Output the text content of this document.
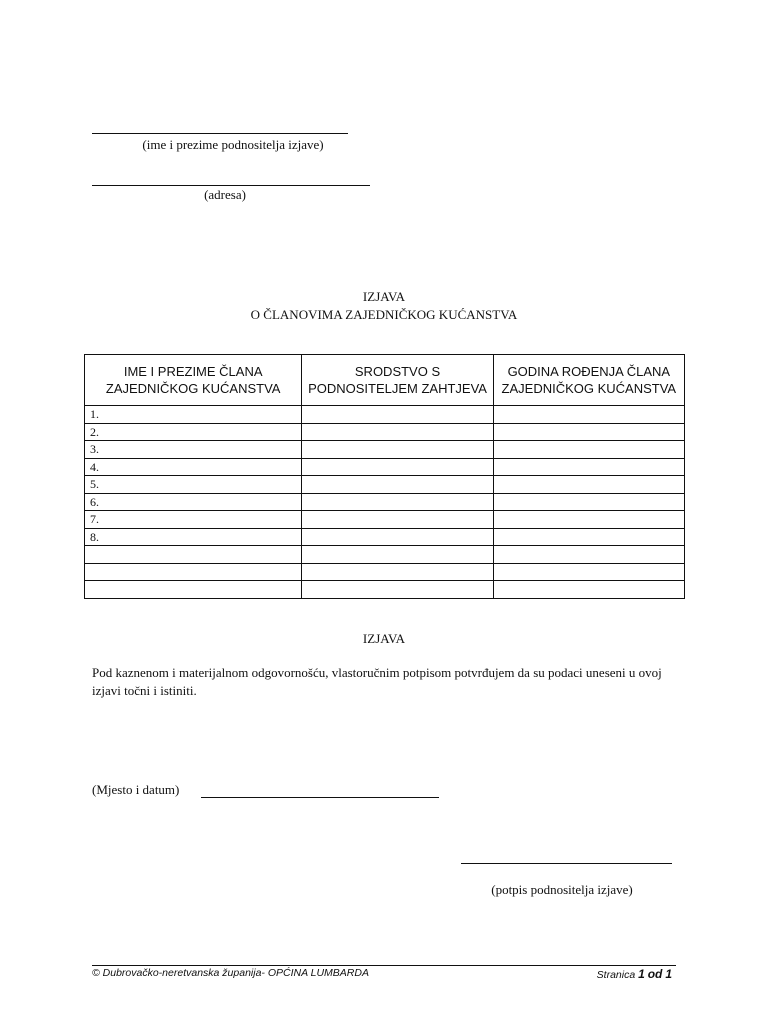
(ime i prezime podnositelja izjave)
(adresa)
IZJAVA
O ČLANOVIMA ZAJEDNIČKOG KUĆANSTVA
IME I PREZIME ČLANA ZAJEDNIČKOG KUĆANSTVA	SRODSTVO S PODNOSITELJEM ZAHTJEVA	GODINA ROĐENJA ČLANA ZAJEDNIČKOG KUĆANSTVA
1.		
2.		
3.		
4.		
5.		
6.		
7.		
8.		

IZJAVA
Pod kaznenom i materijalnom odgovornošću, vlastoručnim potpisom potvrđujem da su podaci uneseni u ovoj izjavi točni i istiniti.
(Mjesto i datum)
(potpis podnositelja izjave)
© Dubrovačko-neretvanska županija- OPĆINA LUMBARDA	Stranica 1 od 1
